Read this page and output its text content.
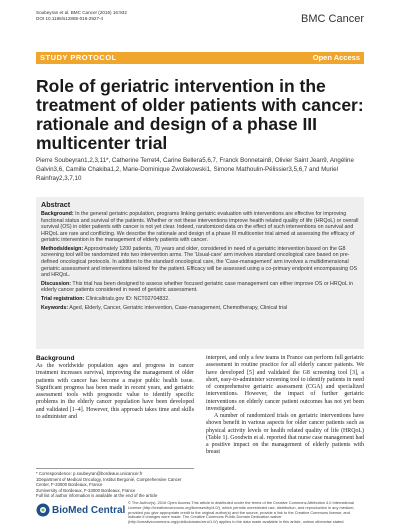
Soubeyran et al. BMC Cancer (2016) 16:932
DOI 10.1186/s12885-016-2927-4	BMC Cancer
STUDY PROTOCOL	Open Access
Role of geriatric intervention in the treatment of older patients with cancer: rationale and design of a phase III multicenter trial
Pierre Soubeyran1,2,3,11*, Catherine Terret4, Carine Bellera5,6,7, Franck Bonnetain8, Olivier Saint Jean9, Angéline Galvin3,6, Camille Chakiba1,2, Marie-Dominique Zwolakowski1, Simone Mathoulin-Pélissier3,5,6,7 and Muriel Rainfray2,3,7,10
Abstract

Background: In the general geriatric population, programs linking geriatric evaluation with interventions are effective for improving functional status and survival of the patients. Whether or not these interventions improve health related quality of life (HRQoL) or overall survival (OS) in older patients with cancer is not yet clear. Indeed, randomized data on the effect of such interventions on survival and HRQoL are rare and conflicting. We describe the rationale and design of a phase III multicenter trial aimed at assessing the efficacy of geriatric intervention in the management of elderly patients with cancer.

Methods/design: Approximately 1200 patients, 70 years and older, considered in need of a geriatric intervention based on the G8 screening tool will be randomized into two intervention arms. The 'Usual-care' arm involves standard oncological care based on pre-defined oncological protocols. In addition to the standard oncological care, the 'Case-management' arm involves a multidimensional geriatric assessment and interventions tailored for the patient. Efficacy will be assessed using a co-primary endpoint encompassing OS and HRQoL.

Discussion: This trial has been designed to assess whether focused geriatric case management can either improve OS or HRQoL in elderly cancer patients considered in need of geriatric assessment.

Trial registration: Clinicaltrials.gov ID: NCT02704832.

Keywords: Aged, Elderly, Cancer, Geriatric intervention, Case-management, Chemotherapy, Clinical trial

Background

As the worldwide population ages and progress in cancer treatment increases survival, improving the management of older patients with cancer has become a major public health issue. Significant progress has been made in recent years, and geriatric assessment tools with prognostic value to identify specific problems in the elderly cancer population have been developed and validated [1–4]. However, this approach takes time and skills to administer and

interpret, and only a few teams in France can perform full geriatric assessment in routine practice for all elderly cancer patients. We have developed [5] and validated the G8 screening tool [3], a short, easy-to-administer screening tool to identify patients in need of comprehensive geriatric assessment (CGA) and specialized interventions. However, the impact of further geriatric interventions on elderly cancer patient outcomes has not yet been investigated.

A number of randomized trials on geriatric interventions have shown benefit in various aspects for older cancer patients such as physical activity levels or health related quality of life (HRQoL) (Table 1). Goodwin et al. reported that nurse case management had a positive impact on the management of elderly patients with breast

* Correspondence: p.soubeyran@bordeaux.unicancer.fr
1Department of Medical Oncology, Institut Bergonié, Comprehensive Cancer Center, F-33000 Bordeaux, France
2University of Bordeaux, F-33000 Bordeaux, France
Full list of author information is available at the end of the article
BioMed Central
© The Author(s). 2016 Open Access This article is distributed under the terms of the Creative Commons Attribution 4.0 International License (http://creativecommons.org/licenses/by/4.0/), which permits unrestricted use, distribution, and reproduction in any medium, provided you give appropriate credit to the original author(s) and the source, provide a link to the Creative Commons license, and indicate if changes were made. The Creative Commons Public Domain Dedication waiver (http://creativecommons.org/publicdomain/zero/1.0/) applies to the data made available in this article, unless otherwise stated.
